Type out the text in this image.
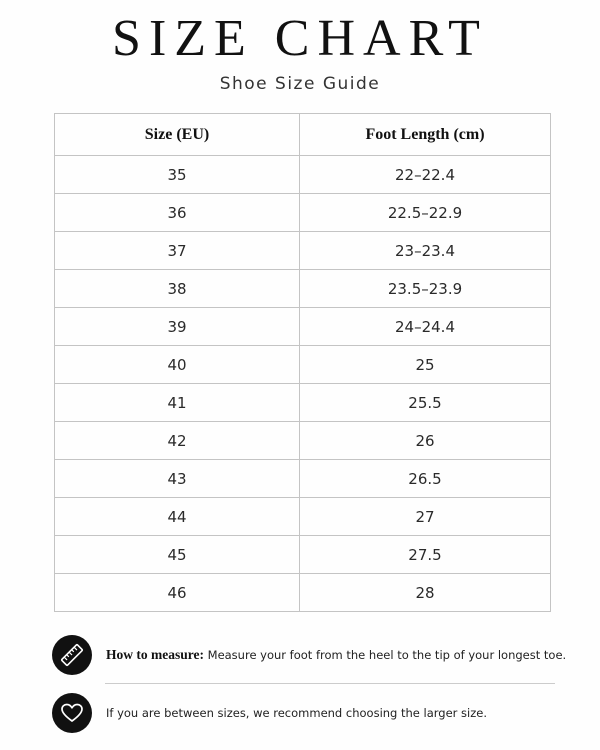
SIZE CHART
Shoe Size Guide
Size (EU)	Foot Length (cm)
35	22–22.4
36	22.5–22.9
37	23–23.4
38	23.5–23.9
39	24–24.4
40	25
41	25.5
42	26
43	26.5
44	27
45	27.5
46	28
How to measure: Measure your foot from the heel to the tip of your longest toe.
If you are between sizes, we recommend choosing the larger size.
